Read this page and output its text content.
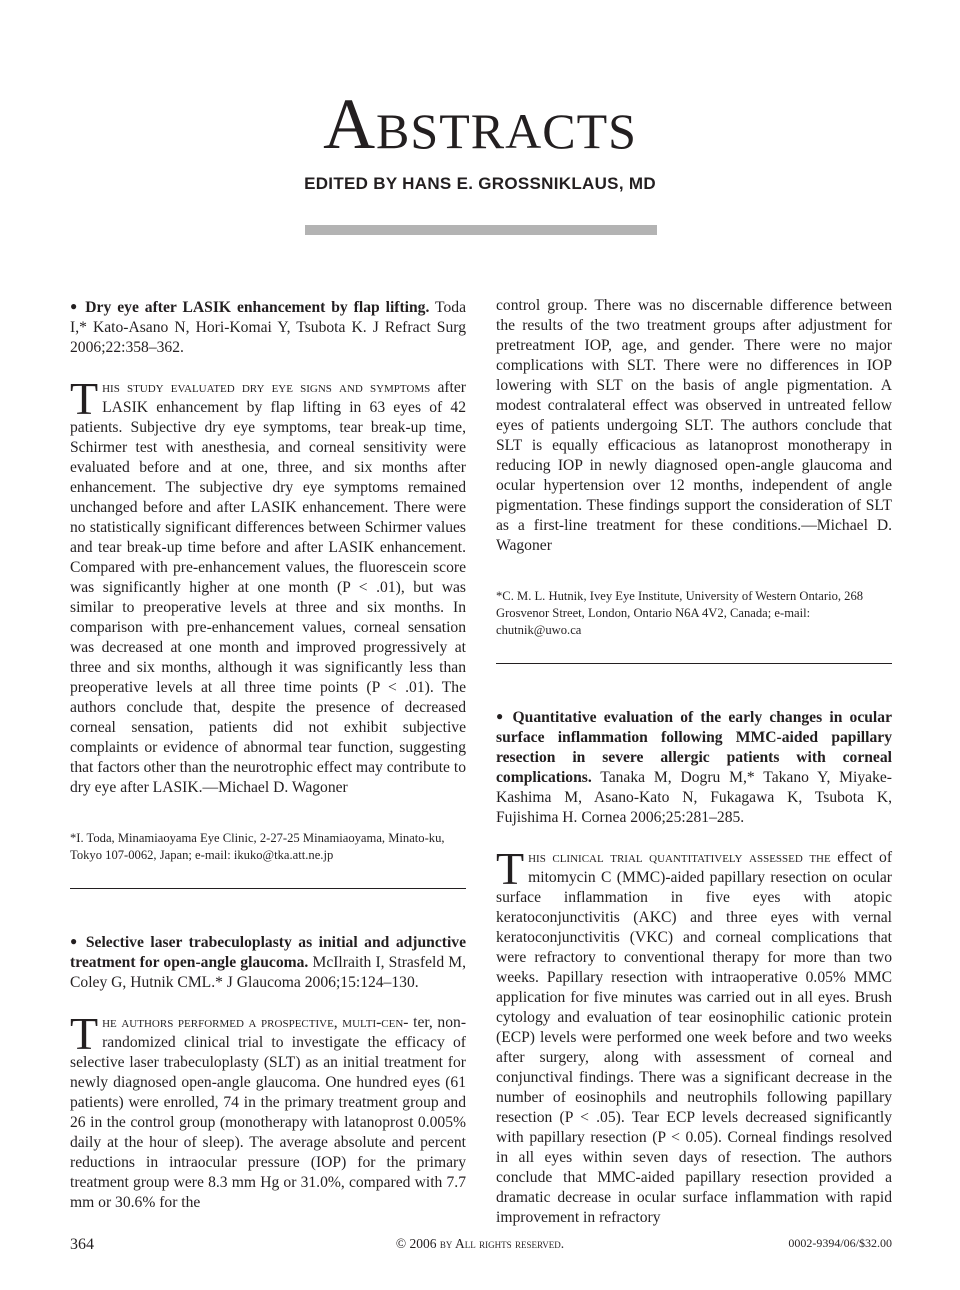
Abstracts
EDITED BY HANS E. GROSSNIKLAUS, MD

● Dry eye after LASIK enhancement by flap lifting. Toda I,* Kato-Asano N, Hori-Komai Y, Tsubota K. J Refract Surg 2006;22:358–362.

This study evaluated dry eye signs and symptoms after LASIK enhancement by flap lifting in 63 eyes of 42 patients. Subjective dry eye symptoms, tear break-up time, Schirmer test with anesthesia, and corneal sensitivity were evaluated before and at one, three, and six months after enhancement. The subjective dry eye symptoms remained unchanged before and after LASIK enhancement. There were no statistically significant differences between Schirmer values and tear break-up time before and after LASIK enhancement. Compared with pre-enhancement values, the fluorescein score was significantly higher at one month (P < .01), but was similar to preoperative levels at three and six months. In comparison with pre-enhancement values, corneal sensation was decreased at one month and improved progressively at three and six months, although it was significantly less than preoperative levels at all three time points (P < .01). The authors conclude that, despite the presence of decreased corneal sensation, patients did not exhibit subjective complaints or evidence of abnormal tear function, suggesting that factors other than the neurotrophic effect may contribute to dry eye after LASIK.—Michael D. Wagoner

*I. Toda, Minamiaoyama Eye Clinic, 2-27-25 Minamiaoyama, Minato-ku, Tokyo 107-0062, Japan; e-mail: ikuko@tka.att.ne.jp

● Selective laser trabeculoplasty as initial and adjunctive treatment for open-angle glaucoma. McIlraith I, Strasfeld M, Coley G, Hutnik CML.* J Glaucoma 2006;15:124–130.

The authors performed a prospective, multi-cen- ter, non-randomized clinical trial to investigate the efficacy of selective laser trabeculoplasty (SLT) as an initial treatment for newly diagnosed open-angle glaucoma. One hundred eyes (61 patients) were enrolled, 74 in the primary treatment group and 26 in the control group (monotherapy with latanoprost 0.005% daily at the hour of sleep). The average absolute and percent reductions in intraocular pressure (IOP) for the primary treatment group were 8.3 mm Hg or 31.0%, compared with 7.7 mm or 30.6% for the

control group. There was no discernable difference between the results of the two treatment groups after adjustment for pretreatment IOP, age, and gender. There were no major complications with SLT. There were no differences in IOP lowering with SLT on the basis of angle pigmentation. A modest contralateral effect was observed in untreated fellow eyes of patients undergoing SLT. The authors conclude that SLT is equally efficacious as latanoprost monotherapy in reducing IOP in newly diagnosed open-angle glaucoma and ocular hypertension over 12 months, independent of angle pigmentation. These findings support the consideration of SLT as a first-line treatment for these conditions.—Michael D. Wagoner

*C. M. L. Hutnik, Ivey Eye Institute, University of Western Ontario, 268 Grosvenor Street, London, Ontario N6A 4V2, Canada; e-mail: chutnik@uwo.ca

● Quantitative evaluation of the early changes in ocular surface inflammation following MMC-aided papillary resection in severe allergic patients with corneal complications. Tanaka M, Dogru M,* Takano Y, Miyake-Kashima M, Asano-Kato N, Fukagawa K, Tsubota K, Fujishima H. Cornea 2006;25:281–285.

This clinical trial quantitatively assessed the effect of mitomycin C (MMC)-aided papillary resection on ocular surface inflammation in five eyes with atopic keratoconjunctivitis (AKC) and three eyes with vernal keratoconjunctivitis (VKC) and corneal complications that were refractory to conventional therapy for more than two weeks. Papillary resection with intraoperative 0.05% MMC application for five minutes was carried out in all eyes. Brush cytology and evaluation of tear eosinophilic cationic protein (ECP) levels were performed one week before and two weeks after surgery, along with assessment of corneal and conjunctival findings. There was a significant decrease in the number of eosinophils and neutrophils following papillary resection (P < .05). Tear ECP levels decreased significantly with papillary resection (P < 0.05). Corneal findings resolved in all eyes within seven days of resection. The authors conclude that MMC-aided papillary resection provided a dramatic decrease in ocular surface inflammation with rapid improvement in refractory

364	© 2006 by All rights reserved.	0002-9394/06/$32.00
